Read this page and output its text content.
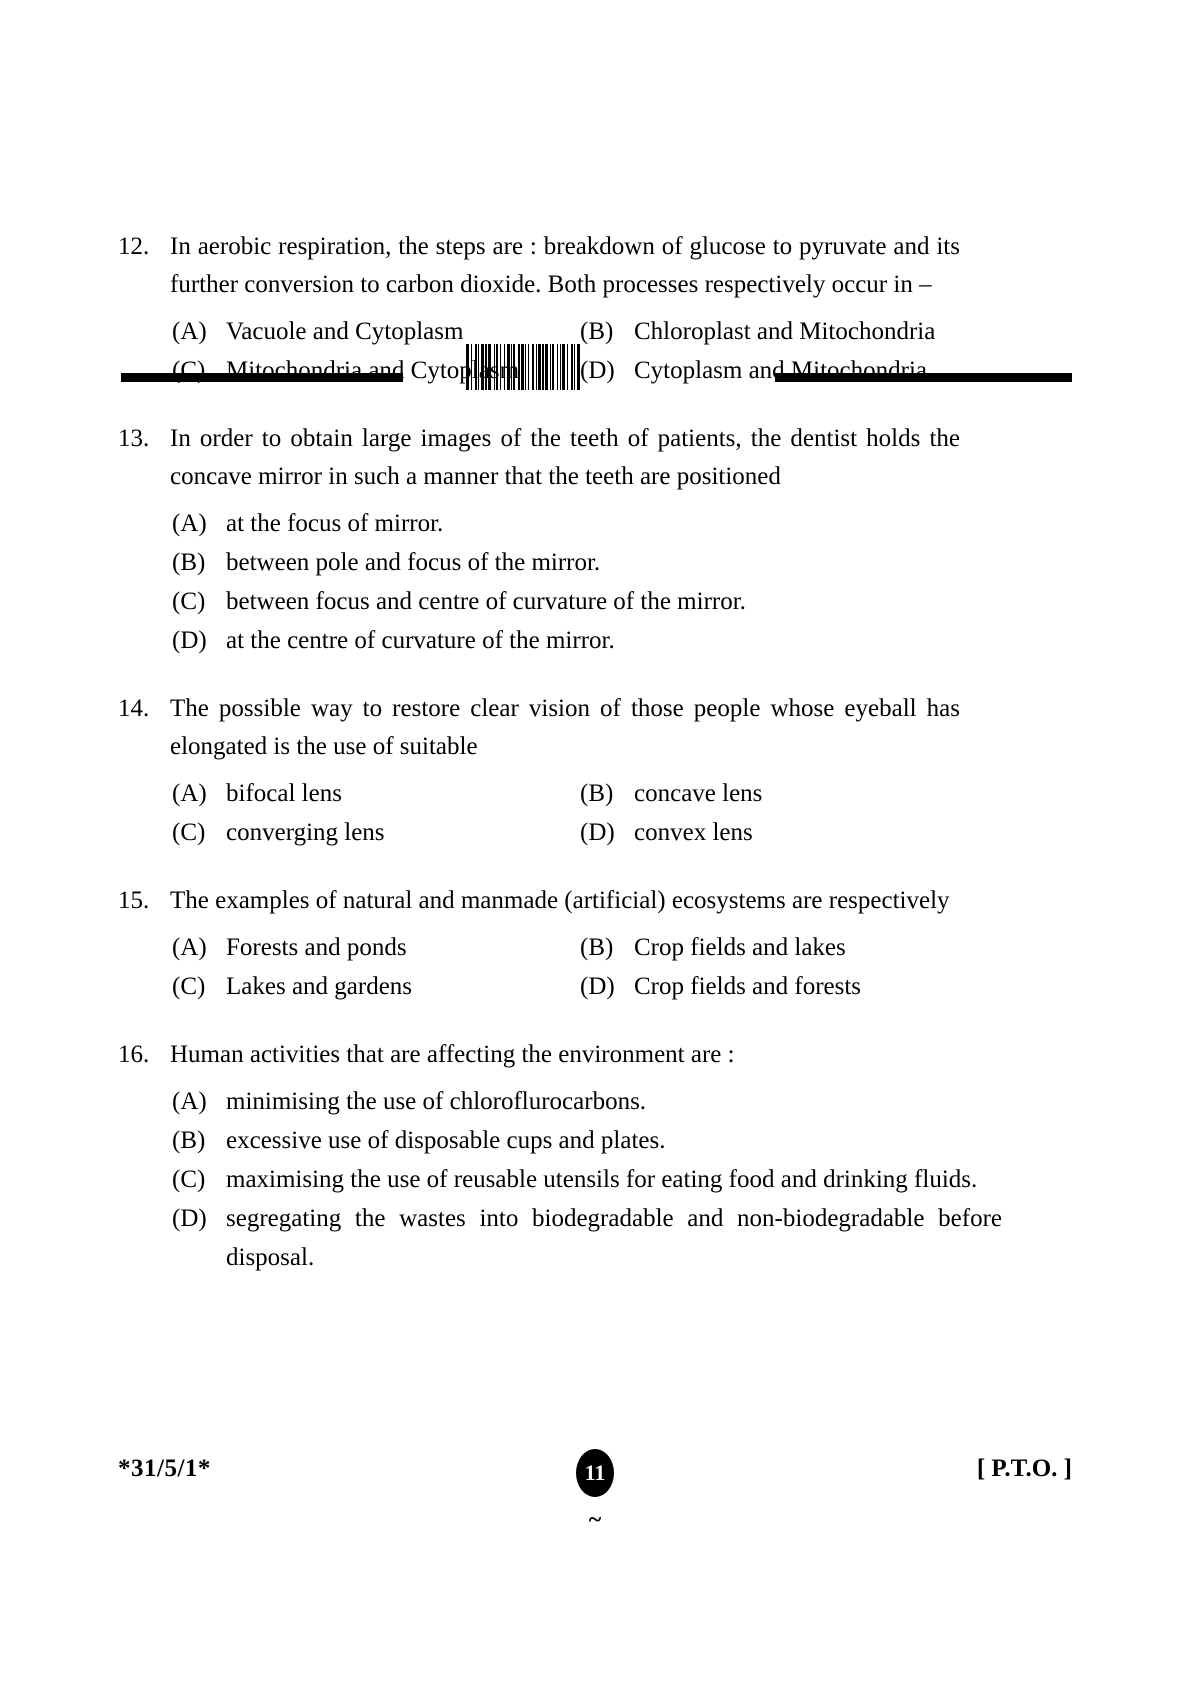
12. In aerobic respiration, the steps are : breakdown of glucose to pyruvate and its further conversion to carbon dioxide. Both processes respectively occur in –
(A) Vacuole and Cytoplasm	(B) Chloroplast and Mitochondria
(C) Mitochondria and Cytoplasm (D) Cytoplasm and Mitochondria
13. In order to obtain large images of the teeth of patients, the dentist holds the concave mirror in such a manner that the teeth are positioned
(A) at the focus of mirror.
(B) between pole and focus of the mirror.
(C) between focus and centre of curvature of the mirror.
(D) at the centre of curvature of the mirror.
14. The possible way to restore clear vision of those people whose eyeball has elongated is the use of suitable
(A) bifocal lens	(B) concave lens
(C) converging lens	(D) convex lens
15. The examples of natural and manmade (artificial) ecosystems are respectively
(A) Forests and ponds	(B) Crop fields and lakes
(C) Lakes and gardens	(D) Crop fields and forests
16. Human activities that are affecting the environment are :
(A) minimising the use of chloroflurocarbons.
(B) excessive use of disposable cups and plates.
(C) maximising the use of reusable utensils for eating food and drinking fluids.
(D) segregating the wastes into biodegradable and non-biodegradable before disposal.
*31/5/1*	11
~
[ P.T.O. ]
